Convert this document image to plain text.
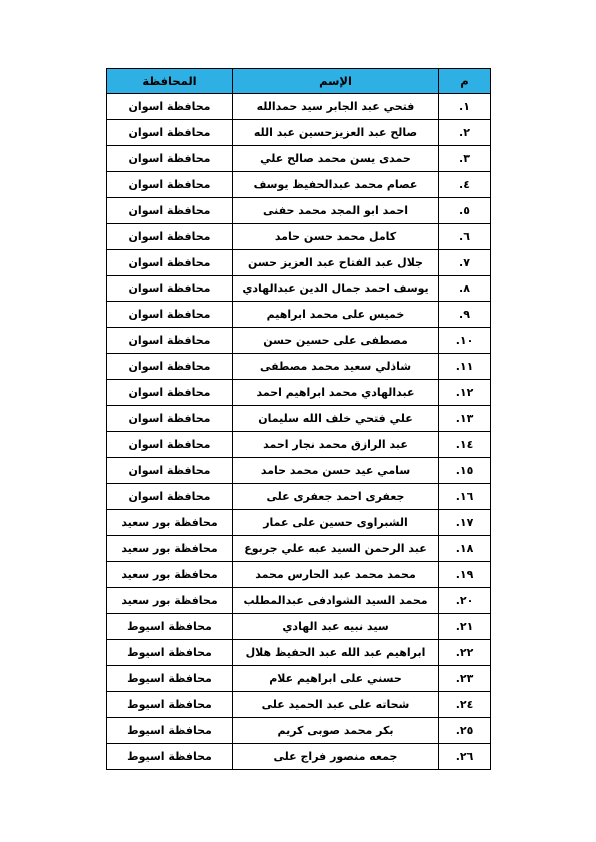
م	الإسم	المحافظة
.١	فتحي عبد الجابر سيد حمدالله	محافظة اسوان
.٢	صالح عبد العزيزحسين عبد الله	محافظة اسوان
.٣	حمدى يسن محمد صالح علي	محافظة اسوان
.٤	عصام محمد عبدالحفيظ يوسف	محافظة اسوان
.٥	احمد ابو المجد محمد حفنى	محافظة اسوان
.٦	كامل محمد حسن حامد	محافظة اسوان
.٧	جلال عبد الفتاح عبد العزيز حسن	محافظة اسوان
.٨	يوسف احمد جمال الدين عبدالهادي	محافظة اسوان
.٩	خميس على محمد ابراهيم	محافظة اسوان
.١٠	مصطفى على حسين حسن	محافظة اسوان
.١١	شاذلي سعيد محمد مصطفى	محافظة اسوان
.١٢	عبدالهادي محمد ابراهيم احمد	محافظة اسوان
.١٣	علي فتحي خلف الله سليمان	محافظة اسوان
.١٤	عبد الرازق محمد نجار احمد	محافظة اسوان
.١٥	سامي عيد حسن محمد حامد	محافظة اسوان
.١٦	جعفرى احمد جعفرى على	محافظة اسوان
.١٧	الشبراوى حسين على عمار	محافظة بور سعيد
.١٨	عبد الرحمن السيد عبه علي جربوع	محافظة بور سعيد
.١٩	محمد محمد عبد الحارس محمد	محافظة بور سعيد
.٢٠	محمد السيد الشوادفى عبدالمطلب	محافظة بور سعيد
.٢١	سيد نبيه عبد الهادي	محافظة اسيوط
.٢٢	ابراهيم عبد الله عبد الحفيظ هلال	محافظة اسيوط
.٢٣	حسني على ابراهيم علام	محافظة اسيوط
.٢٤	شحاته على عبد الحميد على	محافظة اسيوط
.٢٥	بكر محمد صوبى كريم	محافظة اسيوط
.٢٦	جمعه منصور فراج على	محافظة اسيوط
